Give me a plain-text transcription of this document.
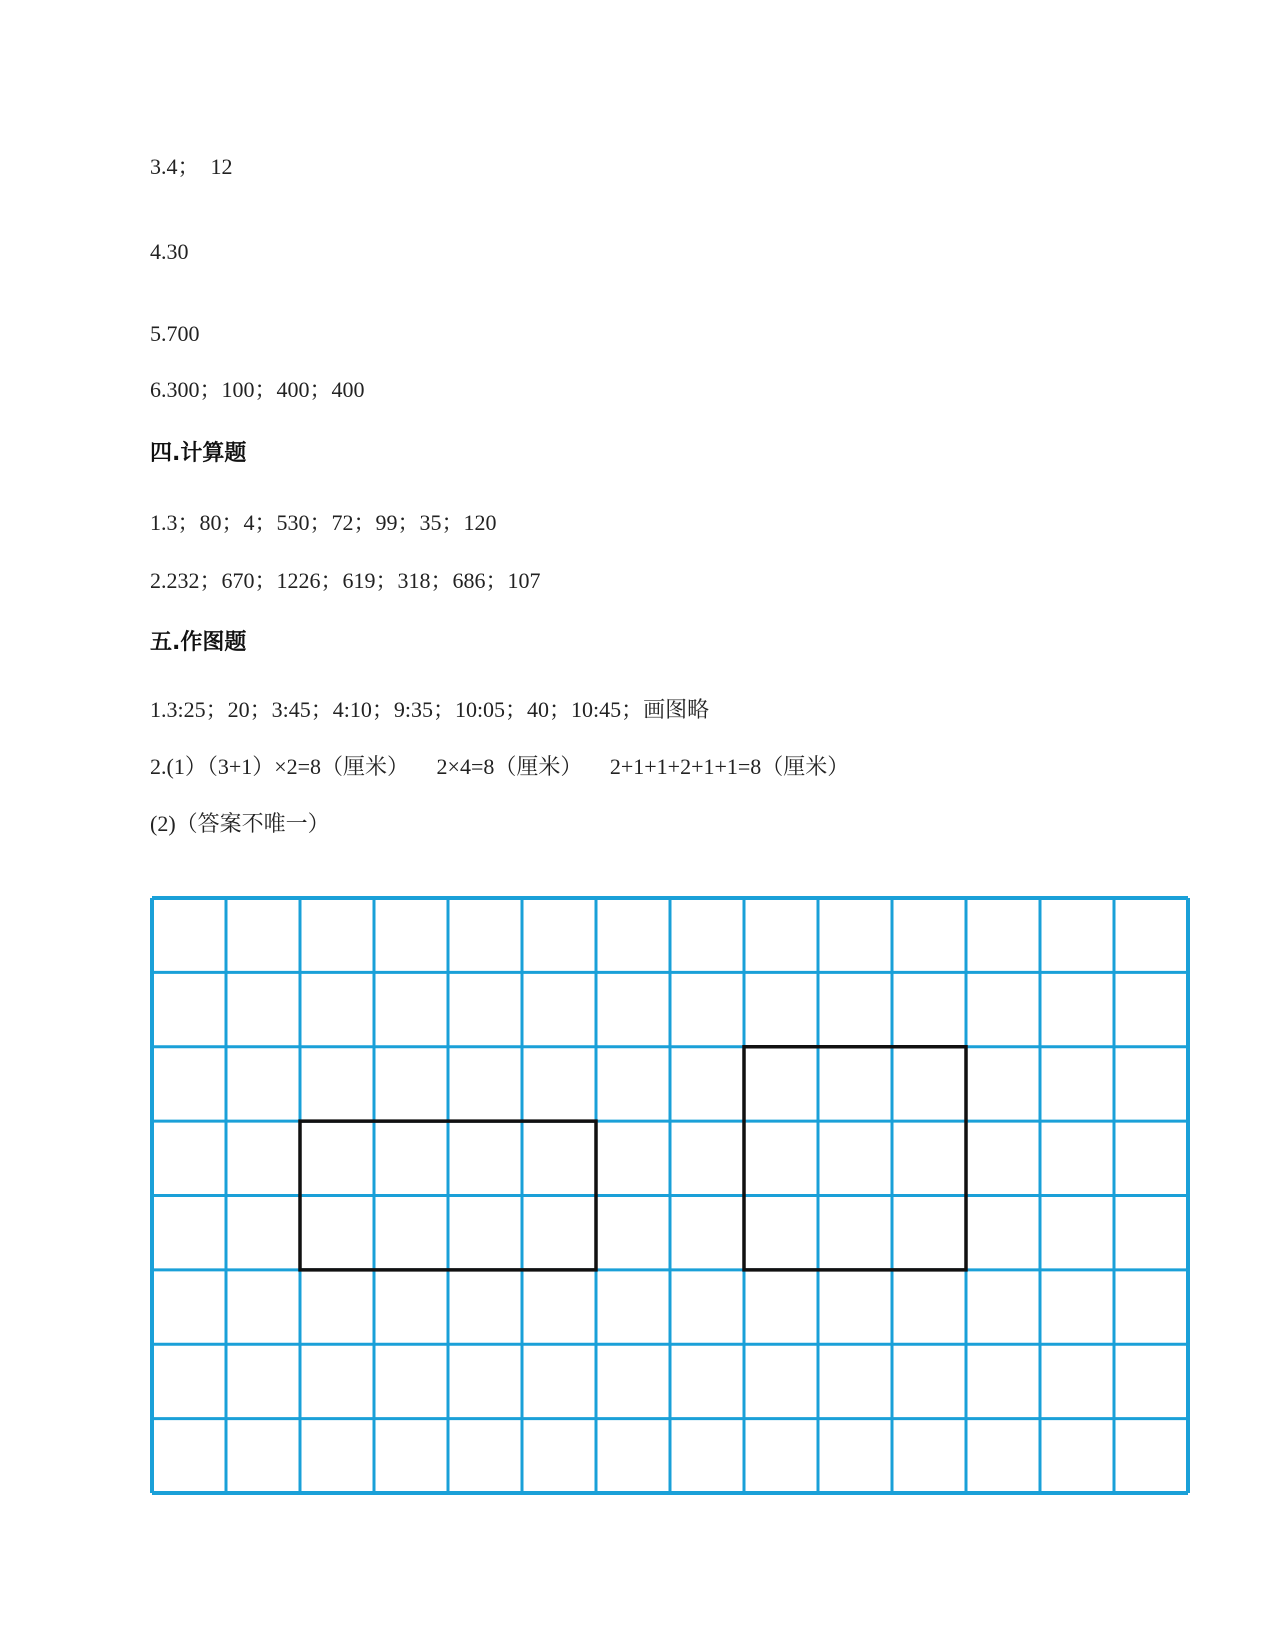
3.4；  12
4.30
5.700
6.300；100；400；400
四.计算题
1.3；80；4；530；72；99；35；120
2.232；670；1226；619；318；686；107
五.作图题
1.3:25；20；3:45；4:10；9:35；10:05；40；10:45；画图略
2.(1）（3+1）×2=8（厘米）     2×4=8（厘米）     2+1+1+2+1+1=8（厘米）
(2)（答案不唯一）
